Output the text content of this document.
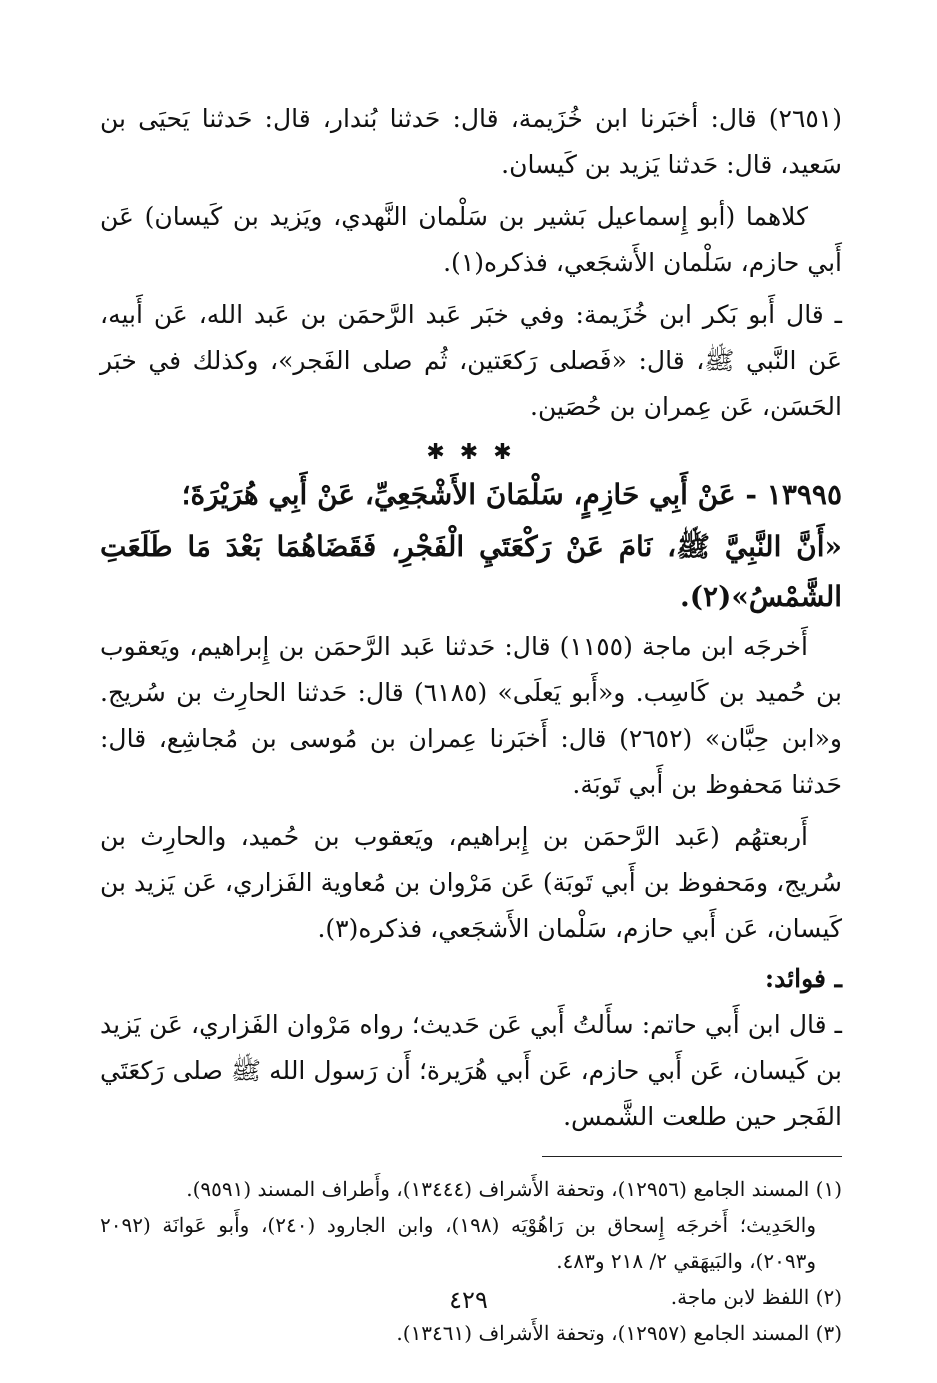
(٢٦٥١) قال: أخبَرنا ابن خُزَيمة، قال: حَدثنا بُندار، قال: حَدثنا يَحيَى بن سَعيد، قال: حَدثنا يَزيد بن كَيسان.

كلاهما (أبو إِسماعيل بَشير بن سَلْمان النَّهدي، ويَزيد بن كَيسان) عَن أَبي حازم، سَلْمان الأَشجَعي، فذكره(١).

ـ قال أَبو بَكر ابن خُزَيمة: وفي خبَر عَبد الرَّحمَن بن عَبد الله، عَن أَبيه، عَن النَّبي ﷺ، قال: «فَصلى رَكعَتين، ثُم صلى الفَجر»، وكذلك في خبَر الحَسَن، عَن عِمران بن حُصَين.

✱ ✱ ✱

١٣٩٩٥ - عَنْ أَبِي حَازِمٍ، سَلْمَانَ الأَشْجَعِيِّ، عَنْ أَبِي هُرَيْرَةَ؛

«أَنَّ النَّبِيَّ ﷺ، نَامَ عَنْ رَكْعَتَيِ الْفَجْرِ، فَقَضَاهُمَا بَعْدَ مَا طَلَعَتِ الشَّمْسُ»(٢).

أَخرجَه ابن ماجة (١١٥٥) قال: حَدثنا عَبد الرَّحمَن بن إِبراهيم، ويَعقوب بن حُميد بن كَاسِب. و«أَبو يَعلَى» (٦١٨٥) قال: حَدثنا الحارِث بن سُريج. و«ابن حِبَّان» (٢٦٥٢) قال: أَخبَرنا عِمران بن مُوسى بن مُجاشِع، قال: حَدثنا مَحفوظ بن أَبي تَوبَة.

أَربعتهُم (عَبد الرَّحمَن بن إِبراهيم، ويَعقوب بن حُميد، والحارِث بن سُريج، ومَحفوظ بن أَبي تَوبَة) عَن مَرْوان بن مُعاوية الفَزاري، عَن يَزيد بن كَيسان، عَن أَبي حازم، سَلْمان الأَشجَعي، فذكره(٣).

ـ فوائد:

ـ قال ابن أَبي حاتم: سأَلتُ أَبي عَن حَديث؛ رواه مَرْوان الفَزاري، عَن يَزيد بن كَيسان، عَن أَبي حازم، عَن أَبي هُرَيرة؛ أَن رَسول الله ﷺ صلى رَكعَتَي الفَجر حين طلعت الشَّمس.

(١) المسند الجامع (١٢٩٥٦)، وتحفة الأَشراف (١٣٤٤٤)، وأَطراف المسند (٩٥٩١).

والحَدِيث؛ أَخرجَه إِسحاق بن رَاهُوْيَه (١٩٨)، وابن الجارود (٢٤٠)، وأَبو عَوانَة (٢٠٩٢ و٢٠٩٣)، والبَيهَقي ٢/ ٢١٨ و٤٨٣.

(٢) اللفظ لابن ماجة.

(٣) المسند الجامع (١٢٩٥٧)، وتحفة الأَشراف (١٣٤٦١).

٤٢٩
